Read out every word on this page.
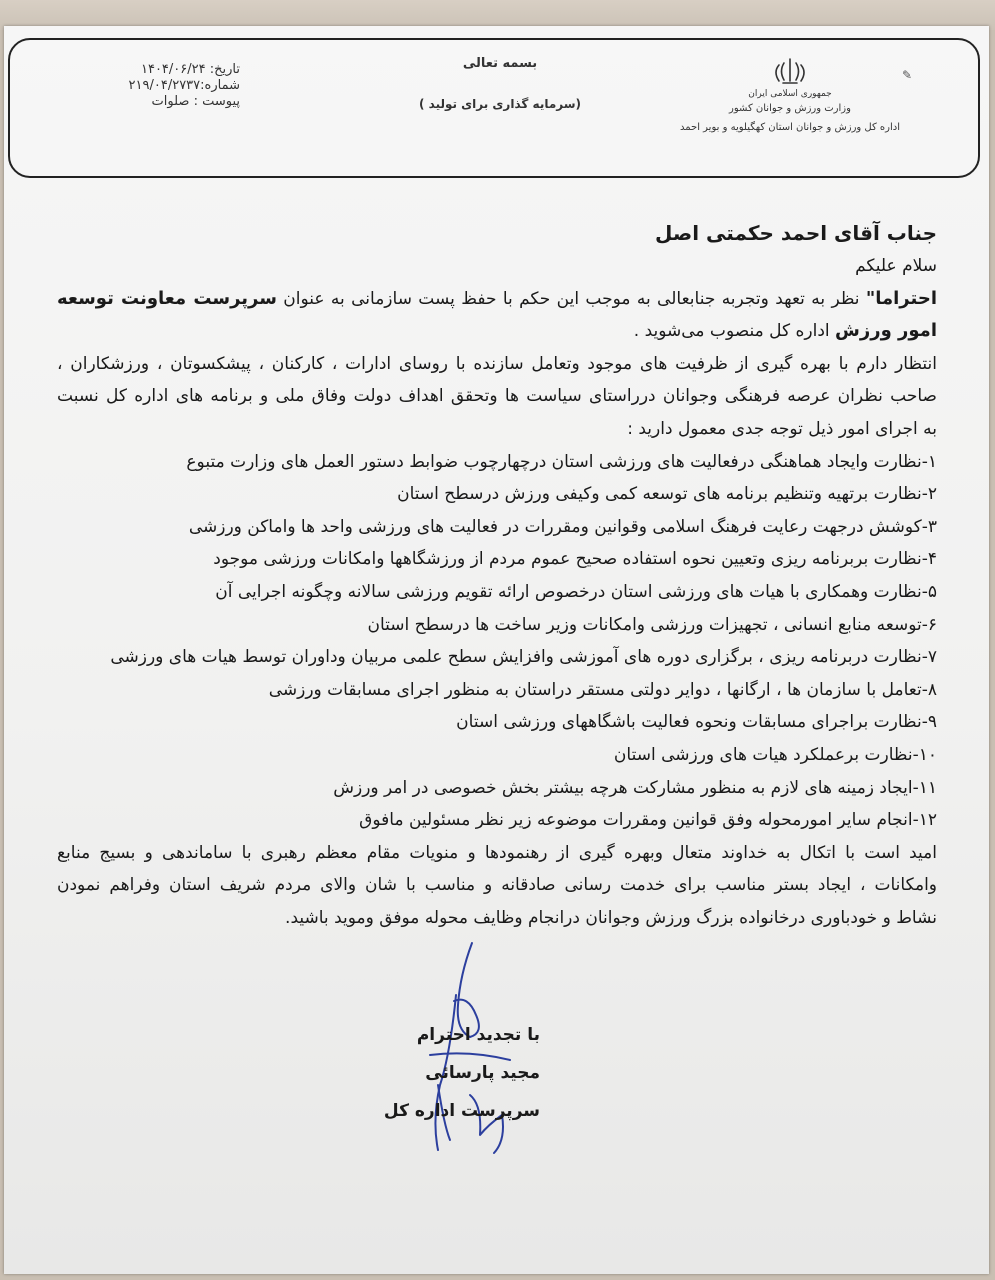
تاریخ: ۱۴۰۴/۰۶/۲۴
شماره:۲۱۹/۰۴/۲۷۳۷
پیوست : صلوات
بسمه تعالی
(سرمایه گذاری برای تولید )
جمهوری اسلامی ایران
وزارت ورزش و جوانان کشور
اداره کل ورزش و جوانان استان کهگیلویه و بویر احمد
✎
جناب آقای احمد حکمتی اصل
سلام علیکم
احتراما" نظر به تعهد وتجربه جنابعالی به موجب این حکم با حفظ پست سازمانی به عنوان سرپرست معاونت توسعه
امور ورزش اداره کل منصوب می‌شوید .
انتظار دارم با بهره گیری از ظرفیت های موجود وتعامل سازنده با روسای ادارات ، کارکنان ، پیشکسوتان ، ورزشکاران ،
صاحب نظران عرصه فرهنگی وجوانان درراستای سیاست ها وتحقق اهداف دولت وفاق ملی و برنامه های اداره کل نسبت
به اجرای امور ذیل توجه جدی معمول دارید :
۱-نظارت وایجاد هماهنگی درفعالیت های ورزشی استان درچهارچوب ضوابط دستور العمل های وزارت متبوع
۲-نظارت برتهیه وتنظیم برنامه های توسعه کمی وکیفی ورزش درسطح استان
۳-کوشش درجهت رعایت فرهنگ اسلامی وقوانین ومقررات در فعالیت های ورزشی واحد ها واماکن ورزشی
۴-نظارت بربرنامه ریزی وتعیین نحوه استفاده صحیح عموم مردم از ورزشگاهها وامکانات ورزشی موجود
۵-نظارت وهمکاری با هیات های ورزشی استان درخصوص ارائه تقویم ورزشی سالانه وچگونه اجرایی آن
۶-توسعه منابع انسانی ، تجهیزات ورزشی وامکانات وزیر ساخت ها درسطح استان
۷-نظارت دربرنامه ریزی ، برگزاری دوره های آموزشی وافزایش سطح علمی مربیان وداوران توسط هیات های ورزشی
۸-تعامل با سازمان ها ، ارگانها ، دوایر دولتی مستقر دراستان به منظور اجرای مسابقات ورزشی
۹-نظارت براجرای مسابقات ونحوه فعالیت باشگاههای ورزشی استان
۱۰-نظارت برعملکرد هیات های ورزشی استان
۱۱-ایجاد زمینه های لازم به منظور مشارکت هرچه بیشتر بخش خصوصی در امر ورزش
۱۲-انجام سایر امورمحوله وفق قوانین ومقررات موضوعه زیر نظر مسئولین مافوق
امید است با اتکال به خداوند متعال وبهره گیری از رهنمودها و منویات مقام معظم رهبری با ساماندهی و بسیج منابع
وامکانات ، ایجاد بستر مناسب برای خدمت رسانی صادقانه و مناسب با شان والای مردم شریف استان وفراهم نمودن
نشاط و خودباوری درخانواده بزرگ ورزش وجوانان درانجام وظایف محوله موفق وموید باشید.
با تجدید احترام
مجید پارسائی
سرپرست اداره کل
